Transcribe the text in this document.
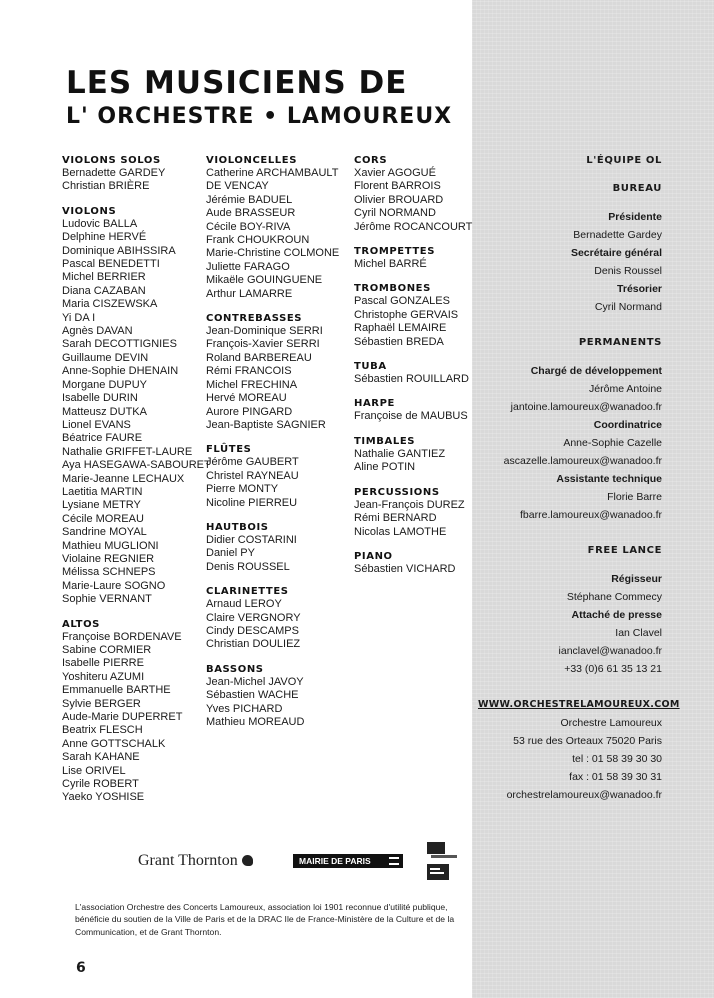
LES MUSICIENS DE
L' ORCHESTRE • LAMOUREUX
VIOLONS SOLOS
Bernadette GARDEY
Christian BRIÈRE
VIOLONS
Ludovic BALLA
Delphine HERVÉ
Dominique ABIHSSIRA
Pascal BENEDETTI
Michel BERRIER
Diana CAZABAN
Maria CISZEWSKA
Yi DA I
Agnès DAVAN
Sarah DECOTTIGNIES
Guillaume DEVIN
Anne-Sophie DHENAIN
Morgane DUPUY
Isabelle DURIN
Matteusz DUTKA
Lionel EVANS
Béatrice FAURE
Nathalie GRIFFET-LAURE
Aya HASEGAWA-SABOURET
Marie-Jeanne LECHAUX
Laetitia MARTIN
Lysiane METRY
Cécile MOREAU
Sandrine MOYAL
Mathieu MUGLIONI
Violaine REGNIER
Mélissa SCHNEPS
Marie-Laure SOGNO
Sophie VERNANT
ALTOS
Françoise BORDENAVE
Sabine CORMIER
Isabelle PIERRE
Yoshiteru AZUMI
Emmanuelle BARTHE
Sylvie BERGER
Aude-Marie DUPERRET
Beatrix FLESCH
Anne GOTTSCHALK
Sarah KAHANE
Lise ORIVEL
Cyrile ROBERT
Yaeko YOSHISE
VIOLONCELLES
Catherine ARCHAMBAULT
DE VENCAY
Jérémie BADUEL
Aude BRASSEUR
Cécile BOY-RIVA
Frank CHOUKROUN
Marie-Christine COLMONE
Juliette FARAGO
Mikaële GOUINGUENE
Arthur LAMARRE
CONTREBASSES
Jean-Dominique SERRI
François-Xavier SERRI
Roland BARBEREAU
Rémi FRANCOIS
Michel FRECHINA
Hervé MOREAU
Aurore PINGARD
Jean-Baptiste SAGNIER
FLÛTES
Jérôme GAUBERT
Christel RAYNEAU
Pierre MONTY
Nicoline PIERREU
HAUTBOIS
Didier COSTARINI
Daniel PY
Denis ROUSSEL
CLARINETTES
Arnaud LEROY
Claire VERGNORY
Cindy DESCAMPS
Christian DOULIEZ
BASSONS
Jean-Michel JAVOY
Sébastien WACHE
Yves PICHARD
Mathieu MOREAUD
CORS
Xavier AGOGUÉ
Florent BARROIS
Olivier BROUARD
Cyril NORMAND
Jérôme ROCANCOURT
TROMPETTES
Michel BARRÉ
TROMBONES
Pascal GONZALES
Christophe GERVAIS
Raphaël LEMAIRE
Sébastien BREDA
TUBA
Sébastien ROUILLARD
HARPE
Françoise de MAUBUS
TIMBALES
Nathalie GANTIEZ
Aline POTIN
PERCUSSIONS
Jean-François DUREZ
Rémi BERNARD
Nicolas LAMOTHE
PIANO
Sébastien VICHARD
L'ÉQUIPE OL
BUREAU
Présidente
Bernadette Gardey
Secrétaire général
Denis Roussel
Trésorier
Cyril Normand
PERMANENTS
Chargé de développement
Jérôme Antoine
jantoine.lamoureux@wanadoo.fr
Coordinatrice
Anne-Sophie Cazelle
ascazelle.lamoureux@wanadoo.fr
Assistante technique
Florie Barre
fbarre.lamoureux@wanadoo.fr
FREE LANCE
Régisseur
Stéphane Commecy
Attaché de presse
Ian Clavel
ianclavel@wanadoo.fr
+33 (0)6 61 35 13 21
WWW.ORCHESTRELAMOUREUX.COM
Orchestre Lamoureux
53 rue des Orteaux 75020 Paris
tel : 01 58 39 30 30
fax : 01 58 39 30 31
orchestrelamoureux@wanadoo.fr
Grant Thornton	MAIRIE DE PARIS
L'association Orchestre des Concerts Lamoureux, association loi 1901 reconnue d'utilité publique, bénéficie du soutien de la Ville de Paris et de la DRAC Ile de France-Ministère de la Culture et de la Communication, et de Grant Thornton.
6
